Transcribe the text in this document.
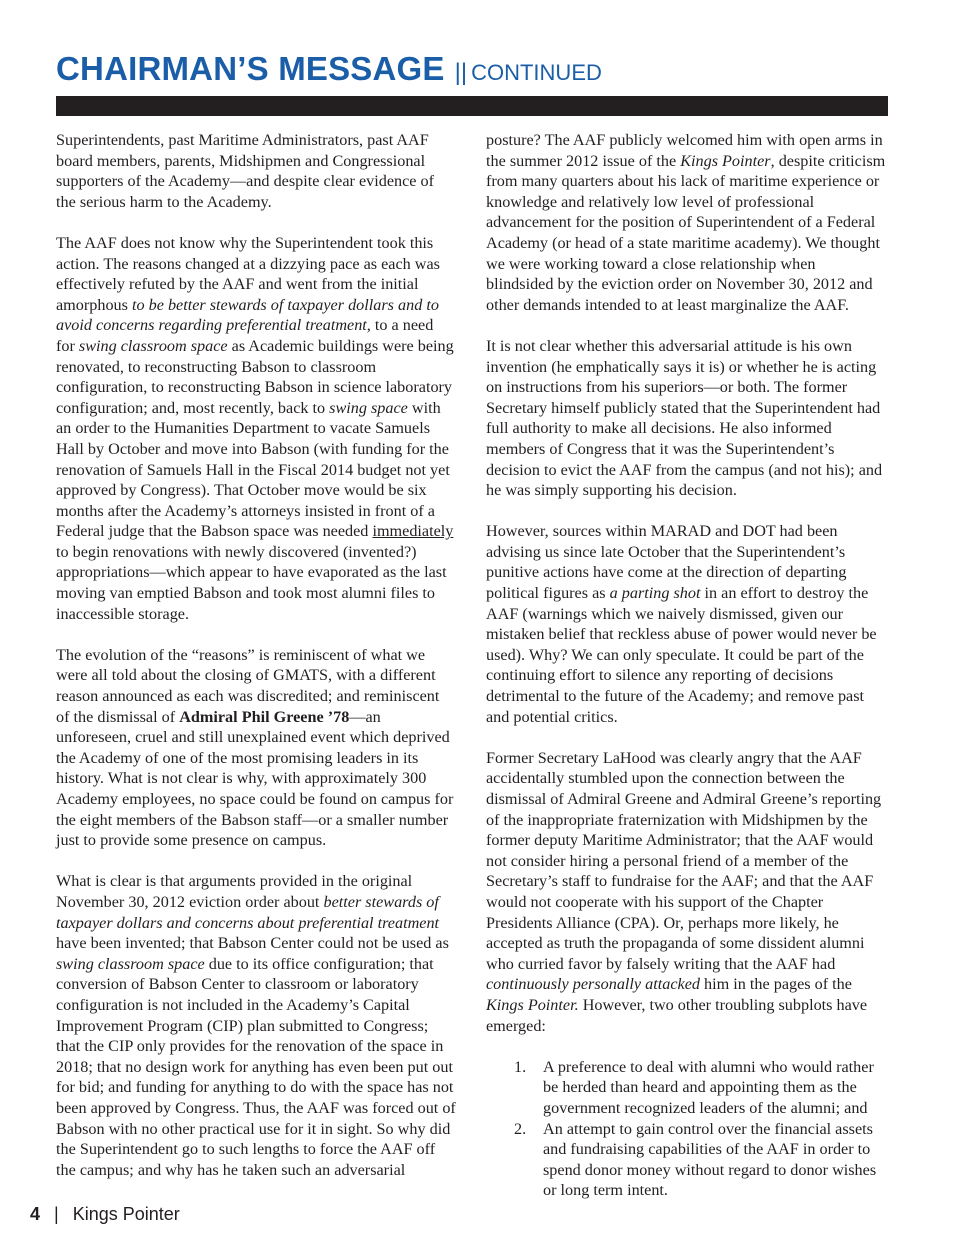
CHAIRMAN’S MESSAGE || CONTINUED

Superintendents, past Maritime Administrators, past AAF board members, parents, Midshipmen and Congressional supporters of the Academy—and despite clear evidence of the serious harm to the Academy.

The AAF does not know why the Superintendent took this action. The reasons changed at a dizzying pace as each was effectively refuted by the AAF and went from the initial amorphous to be better stewards of taxpayer dollars and to avoid concerns regarding preferential treatment, to a need for swing classroom space as Academic buildings were being renovated, to reconstructing Babson to classroom configuration, to reconstructing Babson in science laboratory configuration; and, most recently, back to swing space with an order to the Humanities Department to vacate Samuels Hall by October and move into Babson (with funding for the renovation of Samuels Hall in the Fiscal 2014 budget not yet approved by Congress). That October move would be six months after the Academy’s attorneys insisted in front of a Federal judge that the Babson space was needed immediately to begin renovations with newly discovered (invented?) appropriations—which appear to have evaporated as the last moving van emptied Babson and took most alumni files to inaccessible storage.

The evolution of the “reasons” is reminiscent of what we were all told about the closing of GMATS, with a different reason announced as each was discredited; and reminiscent of the dismissal of Admiral Phil Greene ’78—an unforeseen, cruel and still unexplained event which deprived the Academy of one of the most promising leaders in its history. What is not clear is why, with approximately 300 Academy employees, no space could be found on campus for the eight members of the Babson staff—or a smaller number just to provide some presence on campus.

What is clear is that arguments provided in the original November 30, 2012 eviction order about better stewards of taxpayer dollars and concerns about preferential treatment have been invented; that Babson Center could not be used as swing classroom space due to its office configuration; that conversion of Babson Center to classroom or laboratory configuration is not included in the Academy’s Capital Improvement Program (CIP) plan submitted to Congress; that the CIP only provides for the renovation of the space in 2018; that no design work for anything has even been put out for bid; and funding for anything to do with the space has not been approved by Congress. Thus, the AAF was forced out of Babson with no other practical use for it in sight. So why did the Superintendent go to such lengths to force the AAF off the campus; and why has he taken such an adversarial

posture? The AAF publicly welcomed him with open arms in the summer 2012 issue of the Kings Pointer, despite criticism from many quarters about his lack of maritime experience or knowledge and relatively low level of professional advancement for the position of Superintendent of a Federal Academy (or head of a state maritime academy). We thought we were working toward a close relationship when blindsided by the eviction order on November 30, 2012 and other demands intended to at least marginalize the AAF.

It is not clear whether this adversarial attitude is his own invention (he emphatically says it is) or whether he is acting on instructions from his superiors—or both. The former Secretary himself publicly stated that the Superintendent had full authority to make all decisions. He also informed members of Congress that it was the Superintendent’s decision to evict the AAF from the campus (and not his); and he was simply supporting his decision.

However, sources within MARAD and DOT had been advising us since late October that the Superintendent’s punitive actions have come at the direction of departing political figures as a parting shot in an effort to destroy the AAF (warnings which we naively dismissed, given our mistaken belief that reckless abuse of power would never be used). Why? We can only speculate. It could be part of the continuing effort to silence any reporting of decisions detrimental to the future of the Academy; and remove past and potential critics.

Former Secretary LaHood was clearly angry that the AAF accidentally stumbled upon the connection between the dismissal of Admiral Greene and Admiral Greene’s reporting of the inappropriate fraternization with Midshipmen by the former deputy Maritime Administrator; that the AAF would not consider hiring a personal friend of a member of the Secretary’s staff to fundraise for the AAF; and that the AAF would not cooperate with his support of the Chapter Presidents Alliance (CPA). Or, perhaps more likely, he accepted as truth the propaganda of some dissident alumni who curried favor by falsely writing that the AAF had continuously personally attacked him in the pages of the Kings Pointer. However, two other troubling subplots have emerged:

1. A preference to deal with alumni who would rather be herded than heard and appointing them as the government recognized leaders of the alumni; and
2. An attempt to gain control over the financial assets and fundraising capabilities of the AAF in order to spend donor money without regard to donor wishes or long term intent.
4 | Kings Pointer
